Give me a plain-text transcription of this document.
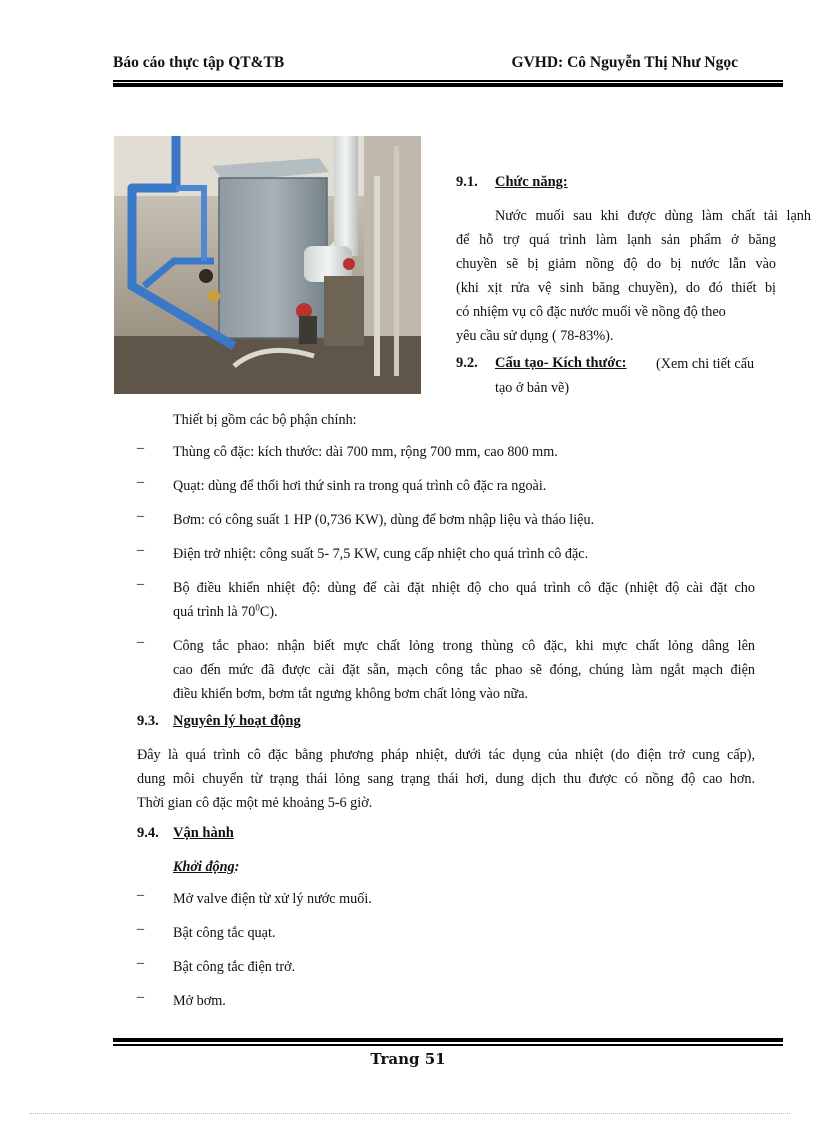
Báo cáo thực tập QT&TB	GVHD: Cô Nguyễn Thị Như Ngọc
9.1. Chức năng:
Nước muối sau khi được dùng làm chất tải lạnh
để hỗ trợ quá trình làm lạnh sản phẩm ở băng
chuyền sẽ bị giảm nồng độ do bị nước lẫn vào
(khi xịt rửa vệ sinh băng chuyền), do đó thiết bị
có nhiệm vụ cô đặc nước muối về nồng độ theo
yêu cầu sử dụng ( 78-83%).
9.2. Cấu tạo- Kích thước: (Xem chi tiết cấu
tạo ở bản vẽ)
Thiết bị gồm các bộ phận chính:
– Thùng cô đặc: kích thước: dài 700 mm, rộng 700 mm, cao 800 mm.
– Quạt: dùng để thổi hơi thứ sinh ra trong quá trình cô đặc ra ngoài.
– Bơm: có công suất 1 HP (0,736 KW), dùng để bơm nhập liệu và tháo liệu.
– Điện trở nhiệt: công suất 5- 7,5 KW, cung cấp nhiệt cho quá trình cô đặc.
– Bộ điều khiển nhiệt độ: dùng để cài đặt nhiệt độ cho quá trình cô đặc (nhiệt độ cài đặt cho
quá trình là $70^0C$).
– Công tắc phao: nhận biết mực chất lỏng trong thùng cô đặc, khi mực chất lỏng dâng lên
cao đến mức đã được cài đặt sẵn, mạch công tắc phao sẽ đóng, chúng làm ngắt mạch điện
điều khiển bơm, bơm tắt ngưng không bơm chất lỏng vào nữa.
9.3. Nguyên lý hoạt động
Đây là quá trình cô đặc bằng phương pháp nhiệt, dưới tác dụng của nhiệt (do điện trở cung cấp),
dung môi chuyển từ trạng thái lỏng sang trạng thái hơi, dung dịch thu được có nồng độ cao hơn.
Thời gian cô đặc một mẻ khoảng 5-6 giờ.
9.4. Vận hành
Khởi động:
– Mở valve điện từ xử lý nước muối.
– Bật công tắc quạt.
– Bật công tắc điện trở.
– Mở bơm.
Trang 51
